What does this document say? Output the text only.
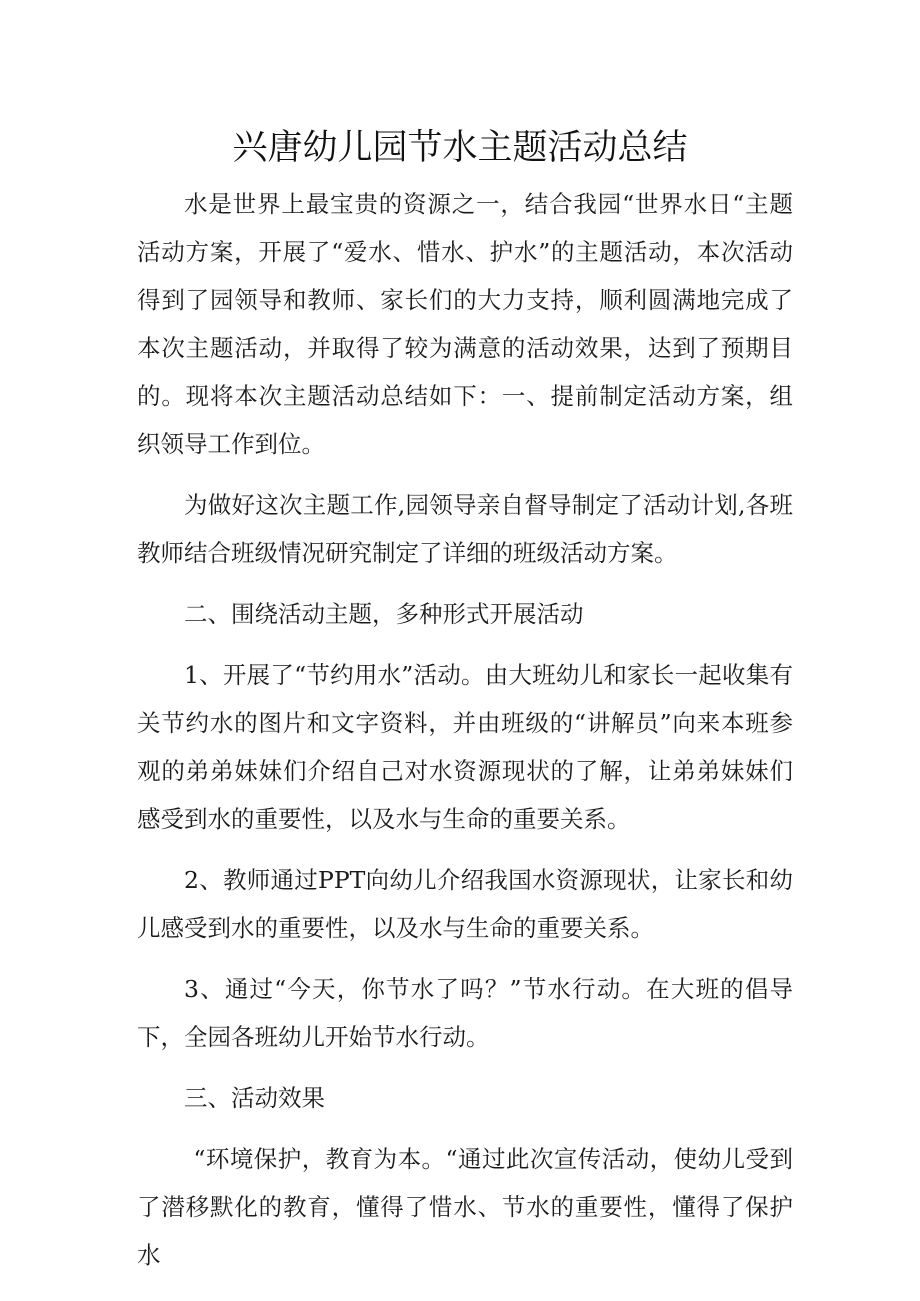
兴唐幼儿园节水主题活动总结

水是世界上最宝贵的资源之一，结合我园“世界水日“主题活动方案，开展了“爱水、惜水、护水”的主题活动，本次活动得到了园领导和教师、家长们的大力支持，顺利圆满地完成了本次主题活动，并取得了较为满意的活动效果，达到了预期目的。现将本次主题活动总结如下：一、提前制定活动方案，组织领导工作到位。

为做好这次主题工作,园领导亲自督导制定了活动计划,各班教师结合班级情况研究制定了详细的班级活动方案。

二、围绕活动主题，多种形式开展活动

1、开展了“节约用水”活动。由大班幼儿和家长一起收集有关节约水的图片和文字资料，并由班级的“讲解员”向来本班参观的弟弟妹妹们介绍自己对水资源现状的了解，让弟弟妹妹们感受到水的重要性，以及水与生命的重要关系。

2、教师通过PPT向幼儿介绍我国水资源现状，让家长和幼儿感受到水的重要性，以及水与生命的重要关系。

3、通过“今天，你节水了吗？”节水行动。在大班的倡导下，全园各班幼儿开始节水行动。

三、活动效果

“环境保护，教育为本。“通过此次宣传活动，使幼儿受到了潜移默化的教育，懂得了惜水、节水的重要性，懂得了保护水
